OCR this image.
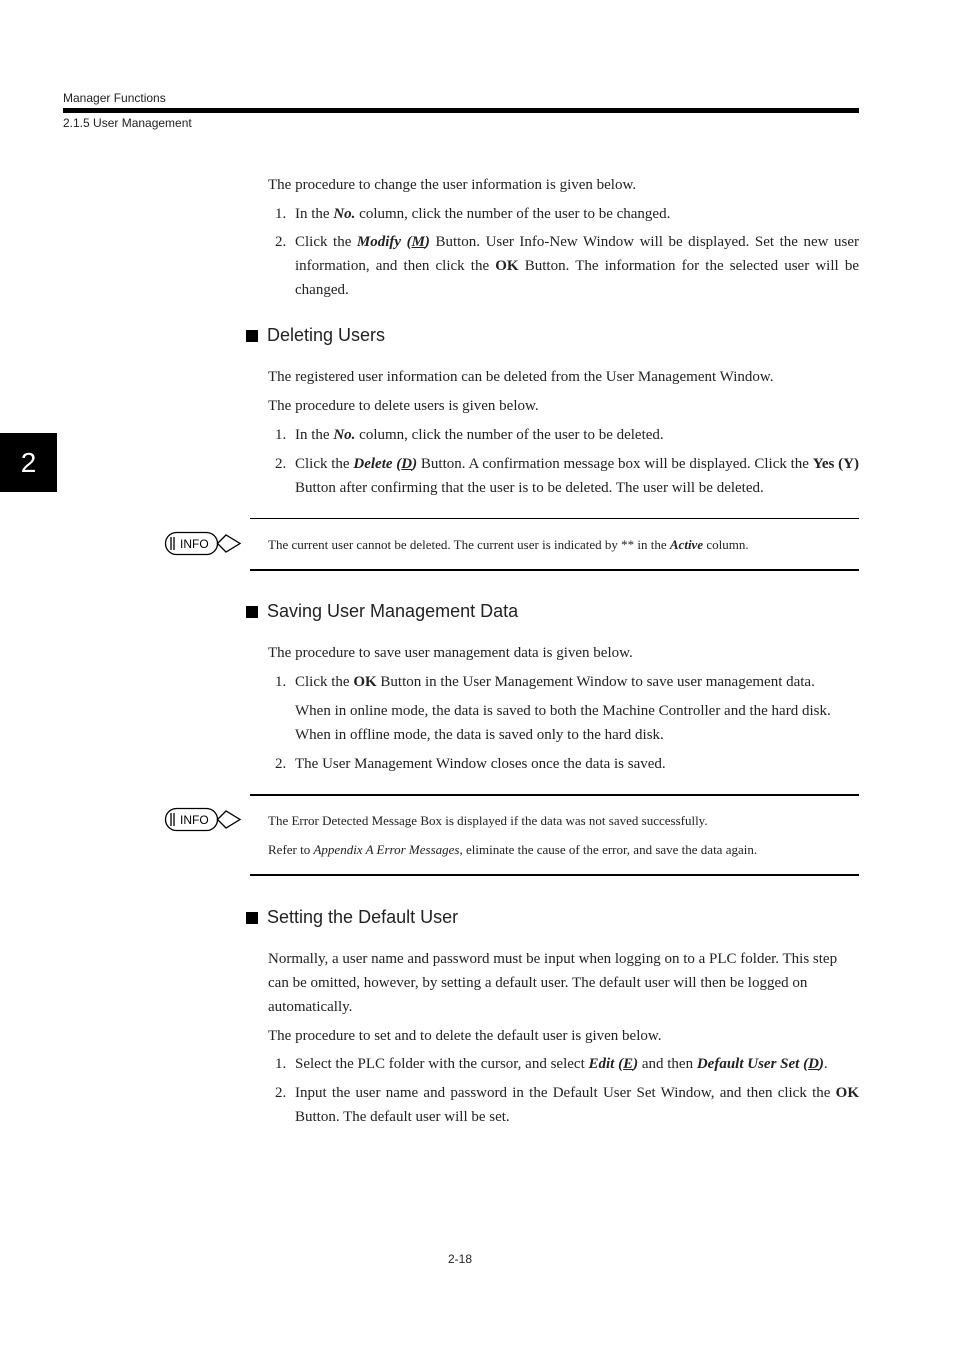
Manager Functions
2.1.5 User Management
2

The procedure to change the user information is given below.

1. In the No. column, click the number of the user to be changed.
2. Click the Modify (M) Button. User Info-New Window will be displayed. Set the new user information, and then click the OK Button. The information for the selected user will be changed.
Deleting Users

The registered user information can be deleted from the User Management Window.

The procedure to delete users is given below.

1. In the No. column, click the number of the user to be deleted.
2. Click the Delete (D) Button. A confirmation message box will be displayed. Click the Yes (Y) Button after confirming that the user is to be deleted. The user will be deleted.
INFO	The current user cannot be deleted. The current user is indicated by ** in the Active column.
Saving User Management Data

The procedure to save user management data is given below.

1. Click the OK Button in the User Management Window to save user management data.

When in online mode, the data is saved to both the Machine Controller and the hard disk. When in offline mode, the data is saved only to the hard disk.

2. The User Management Window closes once the data is saved.
INFO	The Error Detected Message Box is displayed if the data was not saved successfully.
Refer to Appendix A Error Messages, eliminate the cause of the error, and save the data again.
Setting the Default User

Normally, a user name and password must be input when logging on to a PLC folder. This step can be omitted, however, by setting a default user. The default user will then be logged on automatically.

The procedure to set and to delete the default user is given below.

1. Select the PLC folder with the cursor, and select Edit (E) and then Default User Set (D).
2. Input the user name and password in the Default User Set Window, and then click the OK Button. The default user will be set.
2-18
